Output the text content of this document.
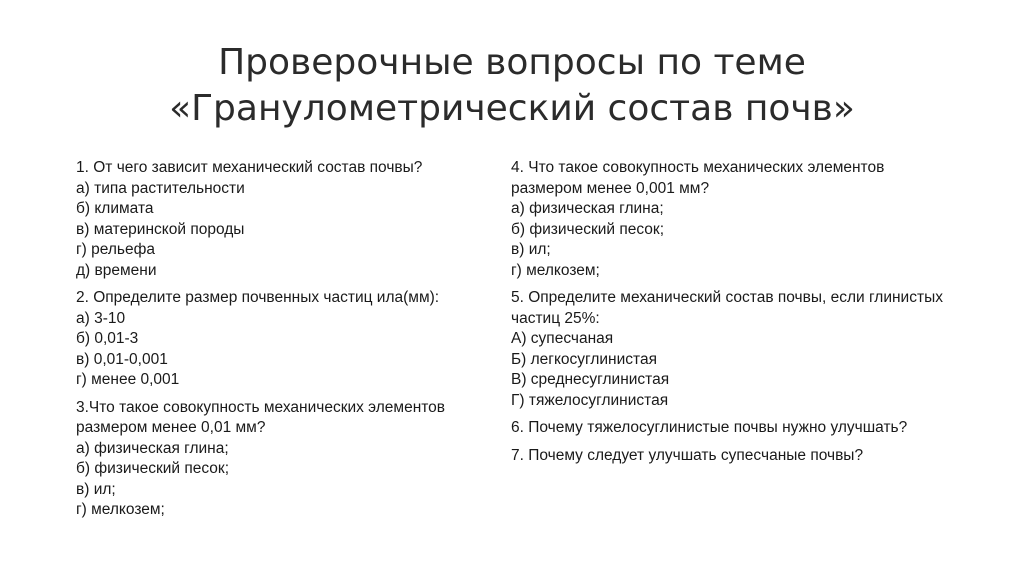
Проверочные вопросы по теме
«Гранулометрический состав почв»
1. От чего зависит механический состав почвы?
а) типа растительности
б) климата
в) материнской породы
г) рельефа
д) времени
2. Определите размер почвенных частиц ила(мм):
а) 3-10
б) 0,01-3
в) 0,01-0,001
г) менее 0,001
3.Что такое совокупность механических элементов размером менее 0,01 мм?
а) физическая глина;
б) физический песок;
в) ил;
г) мелкозем;
4. Что такое совокупность механических элементов размером менее 0,001 мм?
а) физическая глина;
б) физический песок;
в) ил;
г) мелкозем;
5. Определите механический состав почвы, если глинистых частиц 25%:
А) супесчаная
Б) легкосуглинистая
В) среднесуглинистая
Г) тяжелосуглинистая
6. Почему тяжелосуглинистые почвы нужно улучшать?
7. Почему следует улучшать супесчаные почвы?
